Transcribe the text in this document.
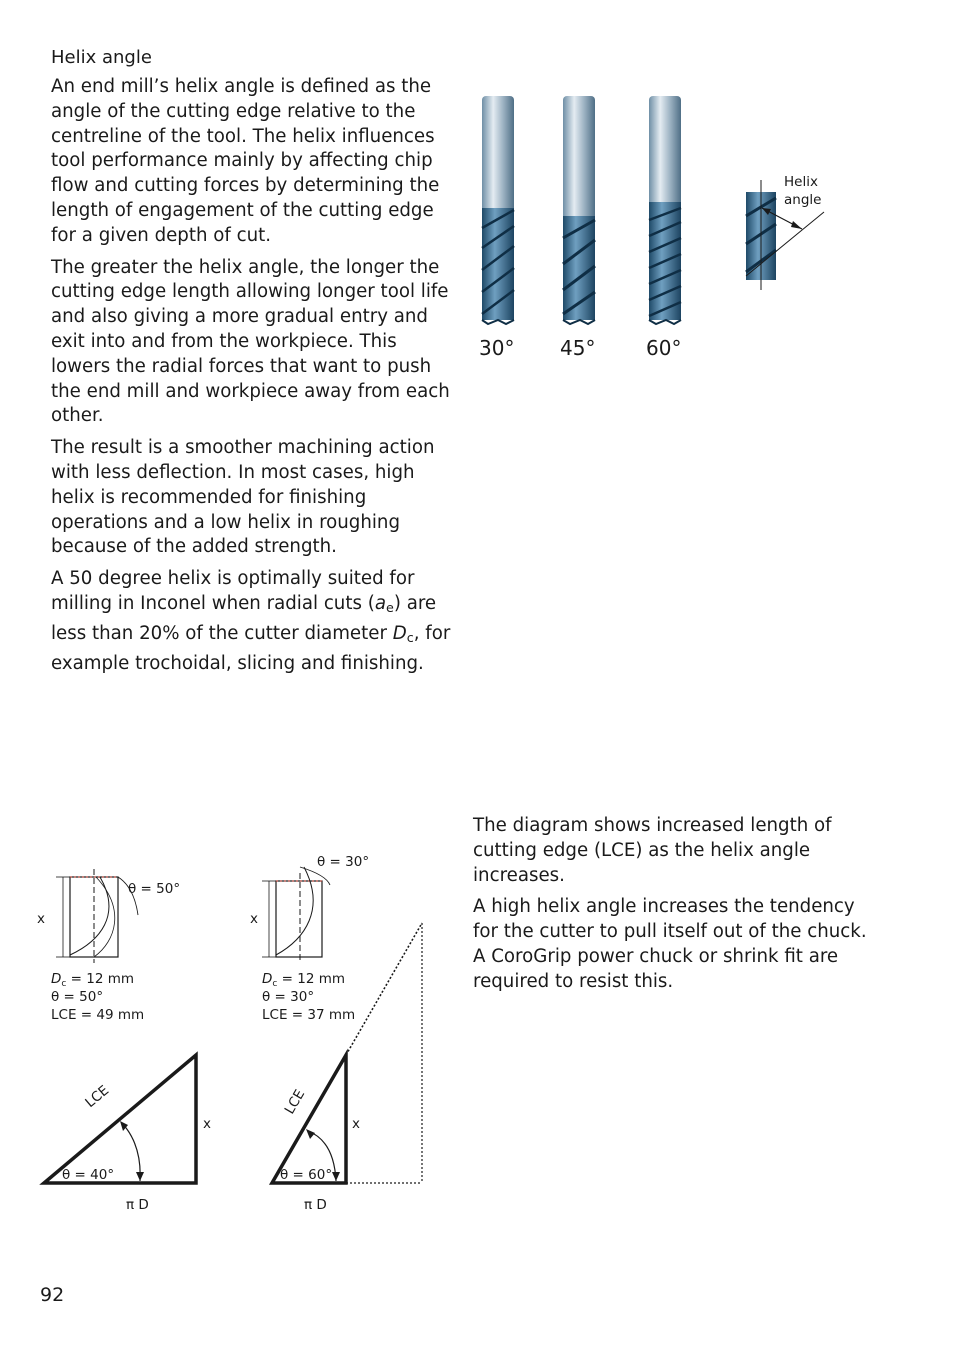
Helix angle

An end mill’s helix angle is defined as the angle of the cutting edge relative to the centreline of the tool. The helix influences tool performance mainly by affecting chip flow and cutting forces by determining the length of engagement of the cutting edge for a given depth of cut.

The greater the helix angle, the longer the cutting edge length allowing longer tool life and also giving a more gradual entry and exit into and from the workpiece. This lowers the radial forces that want to push the end mill and workpiece away from each other.

The result is a smoother machining action with less deflection. In most cases, high helix is recommended for finishing operations and a low helix in roughing because of the added strength.

A 50 degree helix is optimally suited for milling in Inconel when radial cuts $(a_e)$ are less than 20% of the cutter diameter $D_c$, for example trochoidal, slicing and finishing.

Helix
angle
30° 45°	60°
θ = 50°
x
$D_c = 12$ mm
θ = 50°
LCE = 49 mm
θ = 30°
x
$D_c = 12$ mm
θ = 30°
LCE = 37 mm
LCE
x
θ = 40°
π D
LCE
x
θ = 60°
π D

The diagram shows increased length of cutting edge (LCE) as the helix angle increases.

A high helix angle increases the tendency for the cutter to pull itself out of the chuck. A CoroGrip power chuck or shrink fit are required to resist this.

92
